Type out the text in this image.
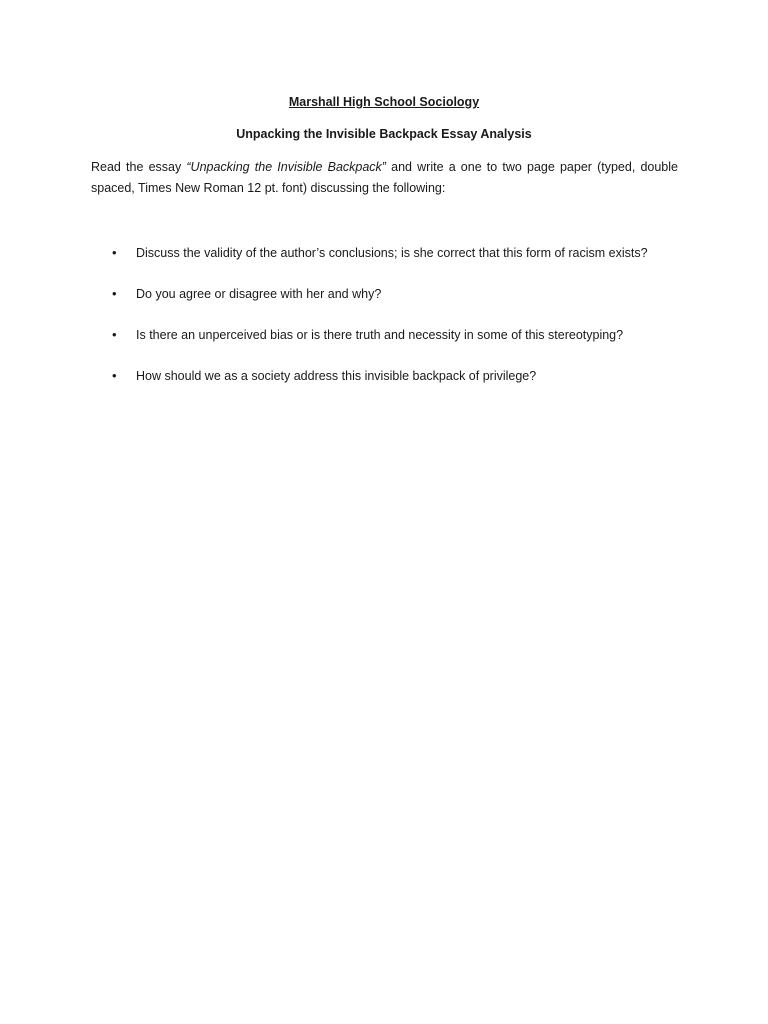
Marshall High School Sociology
Unpacking the Invisible Backpack Essay Analysis

Read the essay “Unpacking the Invisible Backpack” and write a one to two page paper (typed, double spaced, Times New Roman 12 pt. font) discussing the following:

•	Discuss the validity of the author’s conclusions; is she correct that this form of racism exists?
•	Do you agree or disagree with her and why?
•	Is there an unperceived bias or is there truth and necessity in some of this stereotyping?
•	How should we as a society address this invisible backpack of privilege?
